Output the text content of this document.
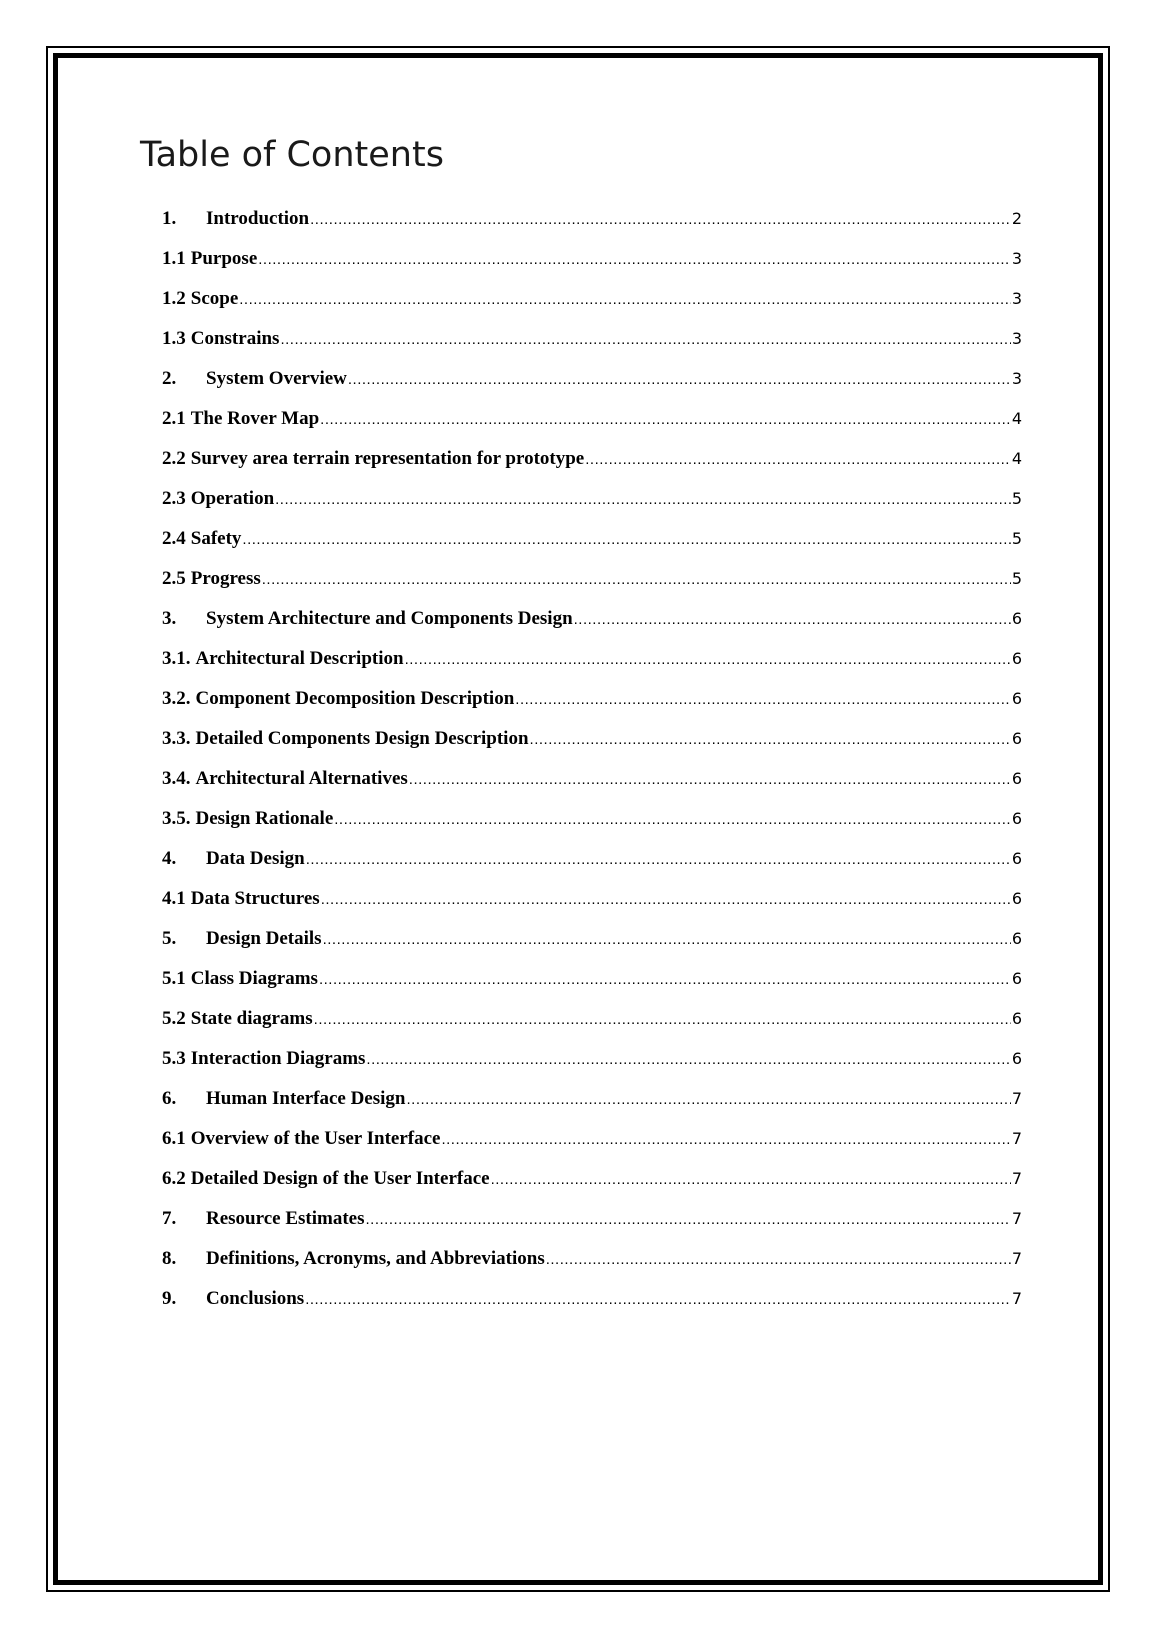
Table of Contents
1.	Introduction .....	2
1.1 Purpose .....	3
1.2 Scope .....	3
1.3 Constrains .....	3
2.	System Overview .....	3
2.1 The Rover Map .....	4
2.2 Survey area terrain representation for prototype .....	4
2.3 Operation .....	5
2.4 Safety .....	5
2.5 Progress .....	5
3.	System Architecture and Components Design .....	6
3.1. Architectural Description .....	6
3.2. Component Decomposition Description .....	6
3.3. Detailed Components Design Description .....	6
3.4. Architectural Alternatives .....	6
3.5. Design Rationale .....	6
4.	Data Design .....	6
4.1 Data Structures .....	6
5.	Design Details .....	6
5.1 Class Diagrams .....	6
5.2 State diagrams .....	6
5.3 Interaction Diagrams .....	6
6.	Human Interface Design .....	7
6.1 Overview of the User Interface .....	7
6.2 Detailed Design of the User Interface .....	7
7.	Resource Estimates .....	7
8.	Definitions, Acronyms, and Abbreviations .....	7
9.	Conclusions .....	7
